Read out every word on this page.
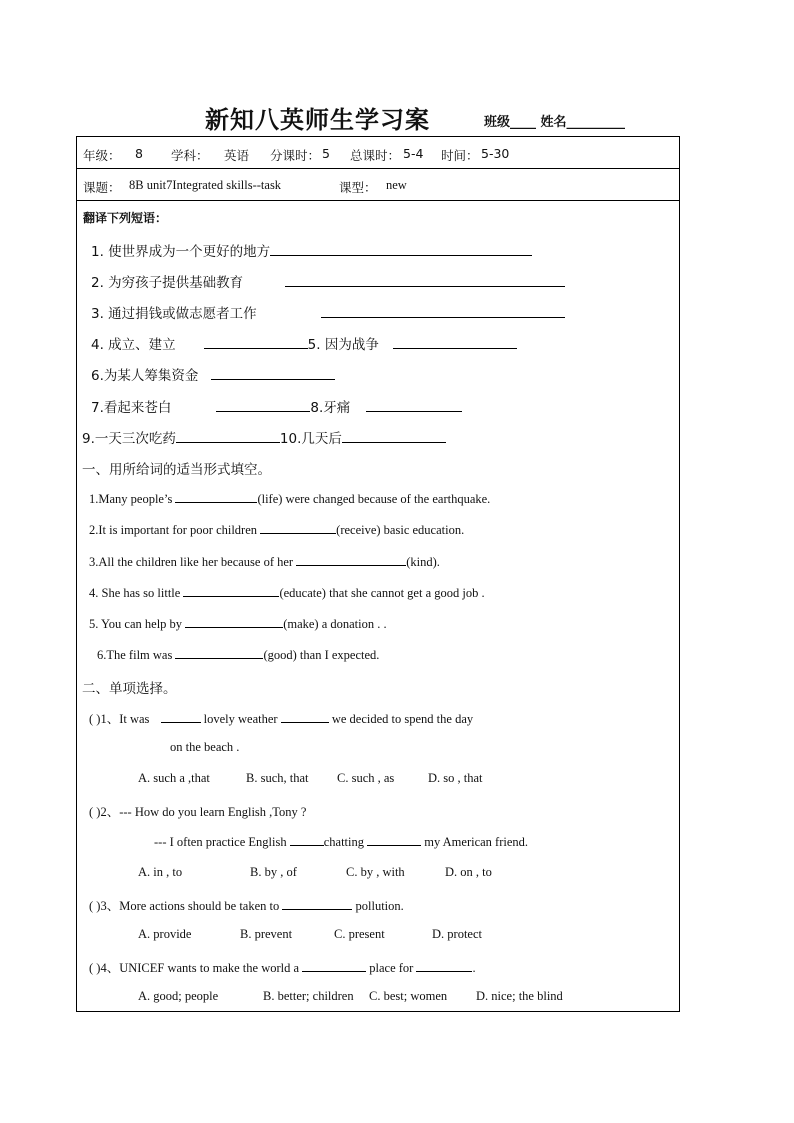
新知八英师生学习案	班级____ 姓名_________
年级： 8 学科： 英语 分课时： 5 总课时： 5-4 时间： 5-30
课题： 8B unit7Integrated skills--task	课型： new
翻译下列短语：
1. 使世界成为一个更好的地方
2. 为穷孩子提供基础教育
3. 通过捐钱或做志愿者工作
4. 成立、建立	5. 因为战争
6.为某人筹集资金
7.看起来苍白	8.牙痛
9.一天三次吃药	10.几天后
一、用所给词的适当形式填空。
1.Many people’s	(life) were changed because of the earthquake.
2.It is important for poor children	(receive) basic education.
3.All the children like her because of her	(kind).
4. She has so little	(educate) that she cannot get a good job .
5. You can help by	(make) a donation . .
6.The film was	(good) than I expected.
二、单项选择。
( )1、It was	lovely weather	we decided to spend the day
on the beach .
A. such a ,that	B. such, that C. such , as	D. so , that
( )2、--- How do you learn English ,Tony ?
--- I often practice English	chatting	my American friend.
A. in , to	B. by , of	C. by , with	D. on , to
( )3、More actions should be taken to	pollution.
A. provide	B. prevent	C. present	D. protect
( )4、UNICEF wants to make the world a	place for	.
A. good; people	B. better; children C. best; women D. nice; the blind
